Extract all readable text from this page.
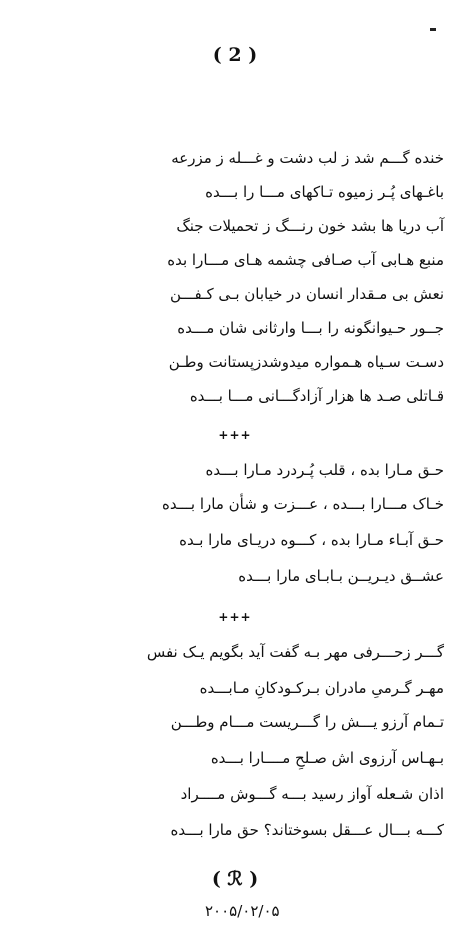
( 2 )
خنده گـــم شد ز لب دشت و غـــله ز مزرعه
باغـهای پُـر زمیوه تـاکهای مـــا را بـــده
آب دریا ها بشد خون رنـــگ ز تحمیلات جنگ
منبع هـابی آب صـافی چشمه هـای مـــارا بده
نعش بی مـقدار انسان در خیابان بـی کـفـــن
جــور حـیوانگونه را بـــا وارثانی شان مـــده
دسـت سـیاه هـمواره میدوشدزپستانت وطـن
قـاتلی صـد ها هزار آزادگـــانی مـــا بـــده
+++
حـق مـارا بده ، قلب پُـردرد مـارا بـــده
خـاک مـــارا بـــده ، عـــزت و شأن مارا بـــده
حـق آبـاء مـارا بده ، کـــوه دریـای مارا بـده
عشــق دیـریــن بـابـای مارا بـــده
+++
گـــر زحـــرفی مهر بـه گفت آید بگویم یـک نفس
مهـر گـرمیِ مادران بـرکـودکانِ مـابـــده
تـمام آرزو یـــش را گـــریست مـــام وطـــن
بـهـاس آرزوی اش صـلحِ مــــارا بـــده
اذان شـعله آواز رسید بـــه گـــوش مــــراد
کـــه بـــال عـــقل بسوختاند؟ حق مارا بـــده
( ℛ )
۲۰۰۵/۰۲/۰۵
